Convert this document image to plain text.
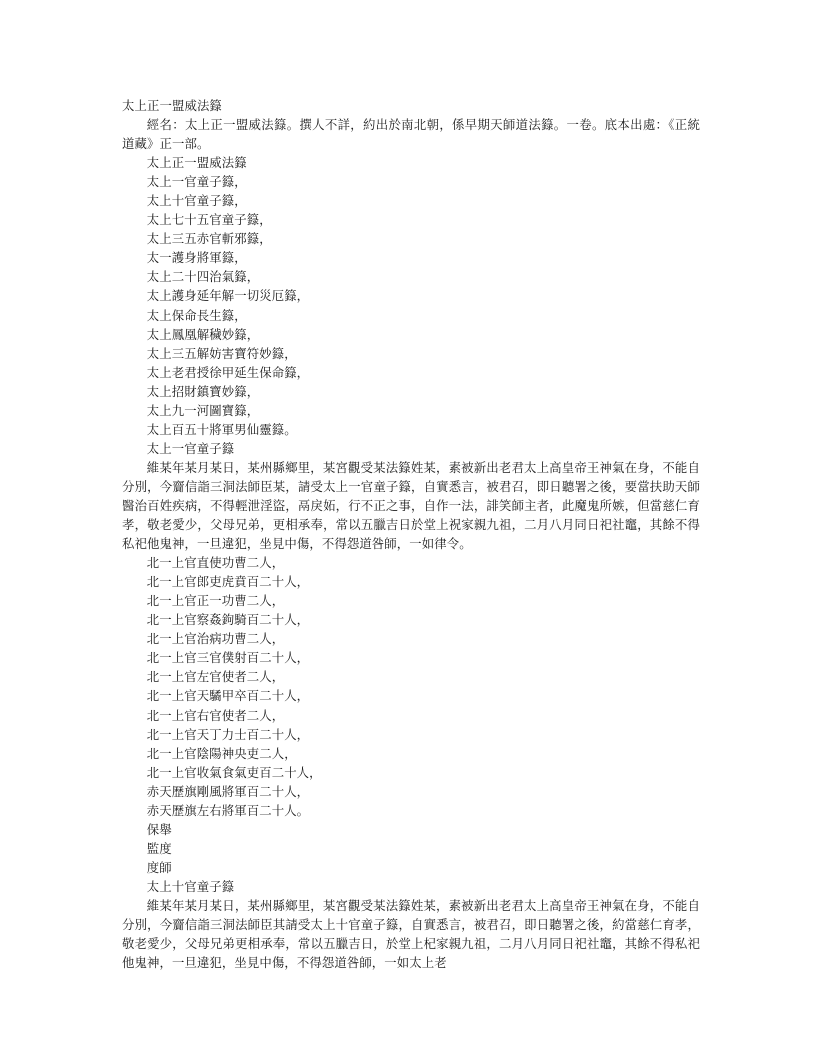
太上正一盟威法籙
經名：太上正一盟威法籙。撰人不詳，約出於南北朝，係早期天師道法籙。一卷。底本出處：《正統道藏》正一部。
太上正一盟威法籙
太上一官童子籙，
太上十官童子籙，
太上七十五官童子籙，
太上三五赤官斬邪籙，
太一護身將軍籙，
太上二十四治氣籙，
太上護身延年解一切災厄籙，
太上保命長生籙，
太上鳳凰解穢妙籙，
太上三五解妨害寶符妙籙，
太上老君授徐甲延生保命籙，
太上招財鎮寶妙籙，
太上九一河圖寶籙，
太上百五十將軍男仙靈籙。
太上一官童子籙
維某年某月某日，某州縣鄉里，某宮觀受某法籙姓某，素被新出老君太上高皇帝王神氣在身，不能自分別，今齎信詣三洞法師臣某，請受太上一官童子籙，自實悉言，被君召，即日聽署之後，要當扶助天師醫治百姓疾病，不得輕泄淫盜，鬲戾妬，行不正之事，自作一法，誹笑師主者，此魔鬼所嫉，但當慈仁育孝，敬老愛少，父母兄弟，更相承奉，常以五臘吉日於堂上祝家親九祖，二月八月同日祀社竈，其餘不得私祀他鬼神，一旦違犯，坐見中傷，不得怨道咎師，一如律令。
北一上官直使功曹二人，
北一上官郎吏虎賁百二十人，
北一上官正一功曹二人，
北一上官察姦鉤騎百二十人，
北一上官治病功曹二人，
北一上官三官僕射百二十人，
北一上官左官使者二人，
北一上官天驈甲卒百二十人，
北一上官右官使者二人，
北一上官天丁力士百二十人，
北一上官陰陽神央吏二人，
北一上官收氣食氣吏百二十人，
赤天歷旗剛風將軍百二十人，
赤天歷旗左右將軍百二十人。
保舉
監度
度師
太上十官童子籙
維某年某月某日，某州縣鄉里，某宮觀受某法籙姓某，素被新出老君太上高皇帝王神氣在身，不能自分別，今齎信詣三洞法師臣其請受太上十官童子籙，自實悉言，被君召，即日聽署之後，約當慈仁育孝，敬老愛少，父母兄弟更相承奉，常以五臘吉日，於堂上杞家親九祖，二月八月同日祀社竈，其餘不得私祀他鬼神，一旦違犯，坐見中傷，不得怨道咎師，一如太上老
